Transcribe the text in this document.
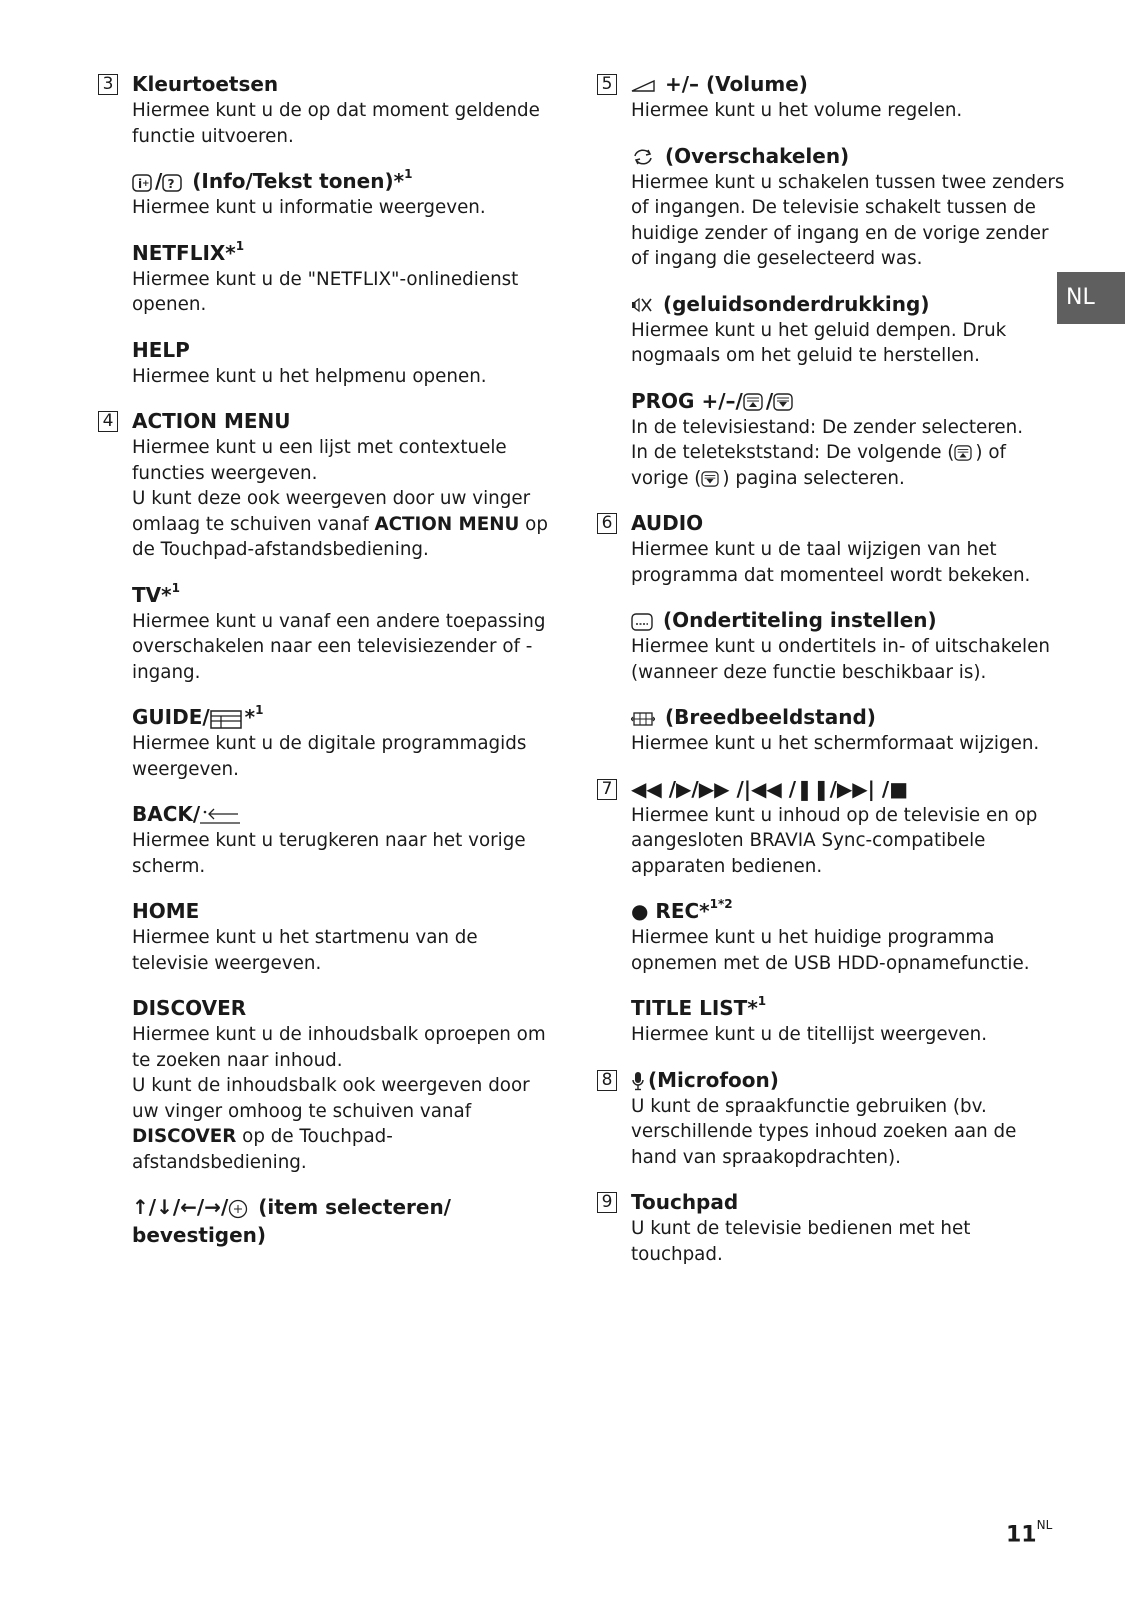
3 Kleurtoetsen
Hiermee kunt u de op dat moment geldende functie uitvoeren.
i + / ? (Info/Tekst tonen)*$^1$
Hiermee kunt u informatie weergeven.
NETFLIX*$^1$
Hiermee kunt u de "NETFLIX"-onlinedienst openen.
HELP
Hiermee kunt u het helpmenu openen.
4 ACTION MENU
Hiermee kunt u een lijst met contextuele functies weergeven.
U kunt deze ook weergeven door uw vinger omlaag te schuiven vanaf ACTION MENU op de Touchpad-afstandsbediening.
TV*$^1$
Hiermee kunt u vanaf een andere toepassing overschakelen naar een televisiezender of -ingang.
GUIDE/ *$^1$
Hiermee kunt u de digitale programmagids weergeven.
BACK/
Hiermee kunt u terugkeren naar het vorige scherm.
HOME
Hiermee kunt u het startmenu van de televisie weergeven.
DISCOVER
Hiermee kunt u de inhoudsbalk oproepen om te zoeken naar inhoud.
U kunt de inhoudsbalk ook weergeven door uw vinger omhoog te schuiven vanaf DISCOVER op de Touchpad-afstandsbediening.
↑/↓/←/→/ (item selecteren/ bevestigen)
5	+/– (Volume)
Hiermee kunt u het volume regelen.
(Overschakelen)
Hiermee kunt u schakelen tussen twee zenders of ingangen. De televisie schakelt tussen de huidige zender of ingang en de vorige zender of ingang die geselecteerd was.
(geluidsonderdrukking)
Hiermee kunt u het geluid dempen. Druk nogmaals om het geluid te herstellen.
PROG +/–/ /
In de televisiestand: De zender selecteren.
In de teletekststand: De volgende ( ) of vorige ( ) pagina selecteren.
6 AUDIO
Hiermee kunt u de taal wijzigen van het programma dat momenteel wordt bekeken.
(Ondertiteling instellen)
Hiermee kunt u ondertitels in- of uitschakelen (wanneer deze functie beschikbaar is).
(Breedbeeldstand)
Hiermee kunt u het schermformaat wijzigen.
7 ◀◀ /▶/▶▶ /|◀◀ /❚❚/▶▶| /■
Hiermee kunt u inhoud op de televisie en op aangesloten BRAVIA Sync-compatibele apparaten bedienen.
● REC*$^{1*2}$
Hiermee kunt u het huidige programma opnemen met de USB HDD-opnamefunctie.
TITLE LIST*$^1$
Hiermee kunt u de titellijst weergeven.
8	(Microfoon)
U kunt de spraakfunctie gebruiken (bv. verschillende types inhoud zoeken aan de hand van spraakopdrachten).
9 Touchpad
U kunt de televisie bedienen met het touchpad.
NL
$11^{NL}$
